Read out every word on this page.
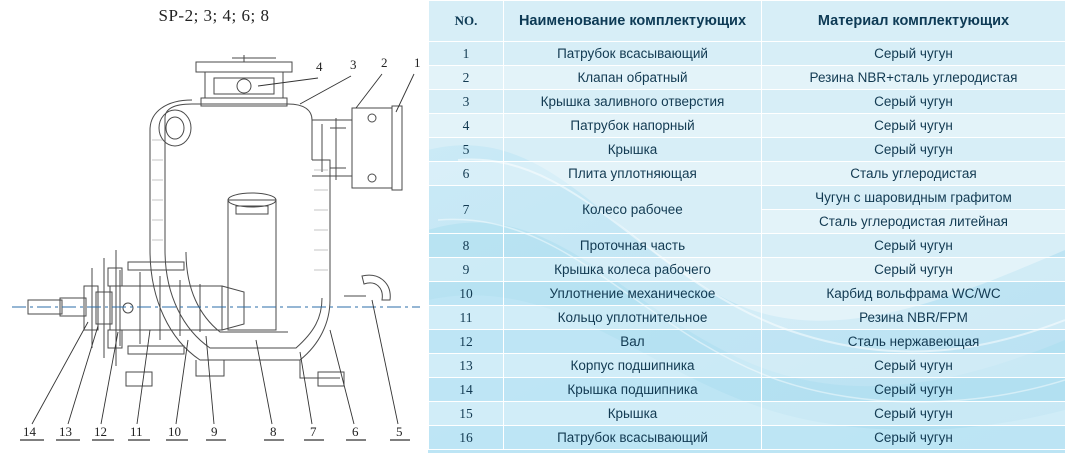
SP-2; 3; 4; 6; 8
1
2
3
4
5
6
7
8
9
10
11
12
13
14
NO.	Наименование комплектующих	Материал комплектующих
1	Патрубок всасывающий	Серый чугун
2	Клапан обратный	Резина NBR+сталь углеродистая
3	Крышка заливного отверстия	Серый чугун
4	Патрубок напорный	Серый чугун
5	Крышка	Серый чугун
6	Плита уплотняющая	Сталь углеродистая
7	Колесо рабочее	Чугун с шаровидным графитом
		Сталь углеродистая литейная
8	Проточная часть	Серый чугун
9	Крышка колеса рабочего	Серый чугун
10	Уплотнение механическое	Карбид вольфрама WC/WC
11	Кольцо уплотнительное	Резина NBR/FPM
12	Вал	Сталь нержавеющая
13	Корпус подшипника	Серый чугун
14	Крышка подшипника	Серый чугун
15	Крышка	Серый чугун
16	Патрубок всасывающий	Серый чугун
